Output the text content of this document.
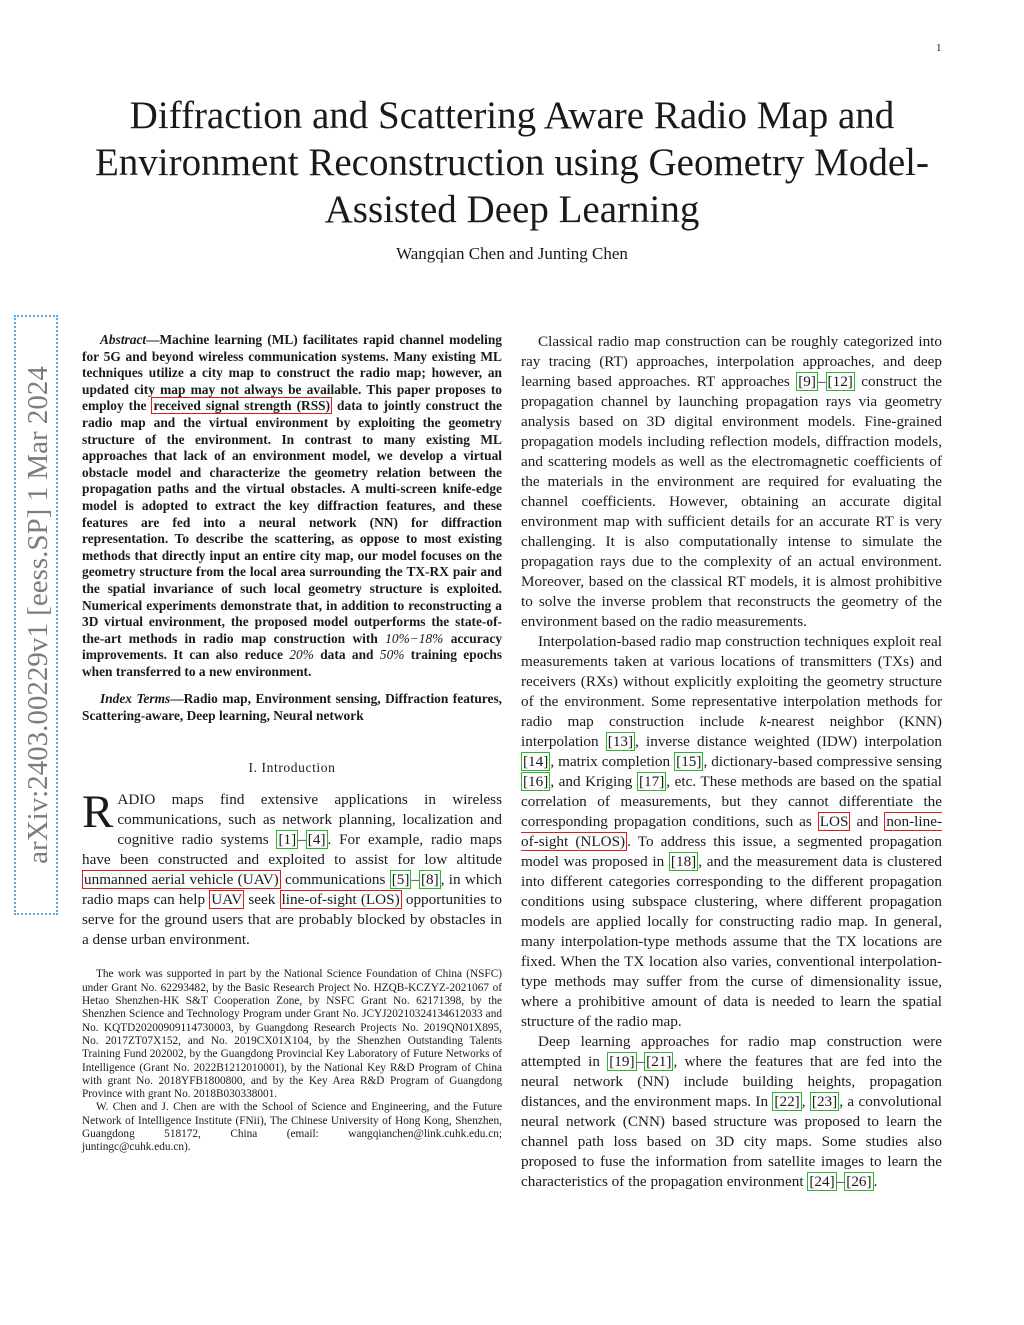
1
Diffraction and Scattering Aware Radio Map and Environment Reconstruction using Geometry Model-Assisted Deep Learning
Wangqian Chen and Junting Chen
arXiv:2403.00229v1 [eess.SP] 1 Mar 2024

Abstract—Machine learning (ML) facilitates rapid channel modeling for 5G and beyond wireless communication systems. Many existing ML techniques utilize a city map to construct the radio map; however, an updated city map may not always be available. This paper proposes to employ the received signal strength (RSS) data to jointly construct the radio map and the virtual environment by exploiting the geometry structure of the environment. In contrast to many existing ML approaches that lack of an environment model, we develop a virtual obstacle model and characterize the geometry relation between the propagation paths and the virtual obstacles. A multi-screen knife-edge model is adopted to extract the key diffraction features, and these features are fed into a neural network (NN) for diffraction representation. To describe the scattering, as oppose to most existing methods that directly input an entire city map, our model focuses on the geometry structure from the local area surrounding the TX-RX pair and the spatial invariance of such local geometry structure is exploited. Numerical experiments demonstrate that, in addition to reconstructing a 3D virtual environment, the proposed model outperforms the state-of-the-art methods in radio map construction with 10%−18% accuracy improvements. It can also reduce 20% data and 50% training epochs when transferred to a new environment.

Index Terms—Radio map, Environment sensing, Diffraction features, Scattering-aware, Deep learning, Neural network

I. Introduction

RADIO maps find extensive applications in wireless communications, such as network planning, localization and cognitive radio systems [1] – [4] . For example, radio maps have been constructed and exploited to assist for low altitude unmanned aerial vehicle (UAV) communications [5] – [8] , in which radio maps can help UAV seek line-of-sight (LOS) opportunities to serve for the ground users that are probably blocked by obstacles in a dense urban environment.

The work was supported in part by the National Science Foundation of China (NSFC) under Grant No. 62293482, by the Basic Research Project No. HZQB-KCZYZ-2021067 of Hetao Shenzhen-HK S&T Cooperation Zone, by NSFC Grant No. 62171398, by the Shenzhen Science and Technology Program under Grant No. JCYJ20210324134612033 and No. KQTD20200909114730003, by Guangdong Research Projects No. 2019QN01X895, No. 2017ZT07X152, and No. 2019CX01X104, by the Shenzhen Outstanding Talents Training Fund 202002, by the Guangdong Provincial Key Laboratory of Future Networks of Intelligence (Grant No. 2022B1212010001), by the National Key R&D Program of China with grant No. 2018YFB1800800, and by the Key Area R&D Program of Guangdong Province with grant No. 2018B030338001.

W. Chen and J. Chen are with the School of Science and Engineering, and the Future Network of Intelligence Institute (FNii), The Chinese University of Hong Kong, Shenzhen, Guangdong 518172, China (email: wangqianchen@link.cuhk.edu.cn; juntingc@cuhk.edu.cn).

Classical radio map construction can be roughly categorized into ray tracing (RT) approaches, interpolation approaches, and deep learning based approaches. RT approaches [9] – [12] construct the propagation channel by launching propagation rays via geometry analysis based on 3D digital environment models. Fine-grained propagation models including reflection models, diffraction models, and scattering models as well as the electromagnetic coefficients of the materials in the environment are required for evaluating the channel coefficients. However, obtaining an accurate digital environment map with sufficient details for an accurate RT is very challenging. It is also computationally intense to simulate the propagation rays due to the complexity of an actual environment. Moreover, based on the classical RT models, it is almost prohibitive to solve the inverse problem that reconstructs the geometry of the environment based on the radio measurements.

Interpolation-based radio map construction techniques exploit real measurements taken at various locations of transmitters (TXs) and receivers (RXs) without explicitly exploiting the geometry structure of the environment. Some representative interpolation methods for radio map construction include k-nearest neighbor (KNN) interpolation [13] , inverse distance weighted (IDW) interpolation [14] , matrix completion [15] , dictionary-based compressive sensing [16] , and Kriging [17] , etc. These methods are based on the spatial correlation of measurements, but they cannot differentiate the corresponding propagation conditions, such as LOS and non-line-of-sight (NLOS) . To address this issue, a segmented propagation model was proposed in [18] , and the measurement data is clustered into different categories corresponding to the different propagation conditions using subspace clustering, where different propagation models are applied locally for constructing radio map. In general, many interpolation-type methods assume that the TX locations are fixed. When the TX location also varies, conventional interpolation-type methods may suffer from the curse of dimensionality issue, where a prohibitive amount of data is needed to learn the spatial structure of the radio map.

Deep learning approaches for radio map construction were attempted in [19] – [21] , where the features that are fed into the neural network (NN) include building heights, propagation distances, and the environment maps. In [22] , [23] , a convolutional neural network (CNN) based structure was proposed to learn the channel path loss based on 3D city maps. Some studies also proposed to fuse the information from satellite images to learn the characteristics of the propagation environment [24] – [26] .
